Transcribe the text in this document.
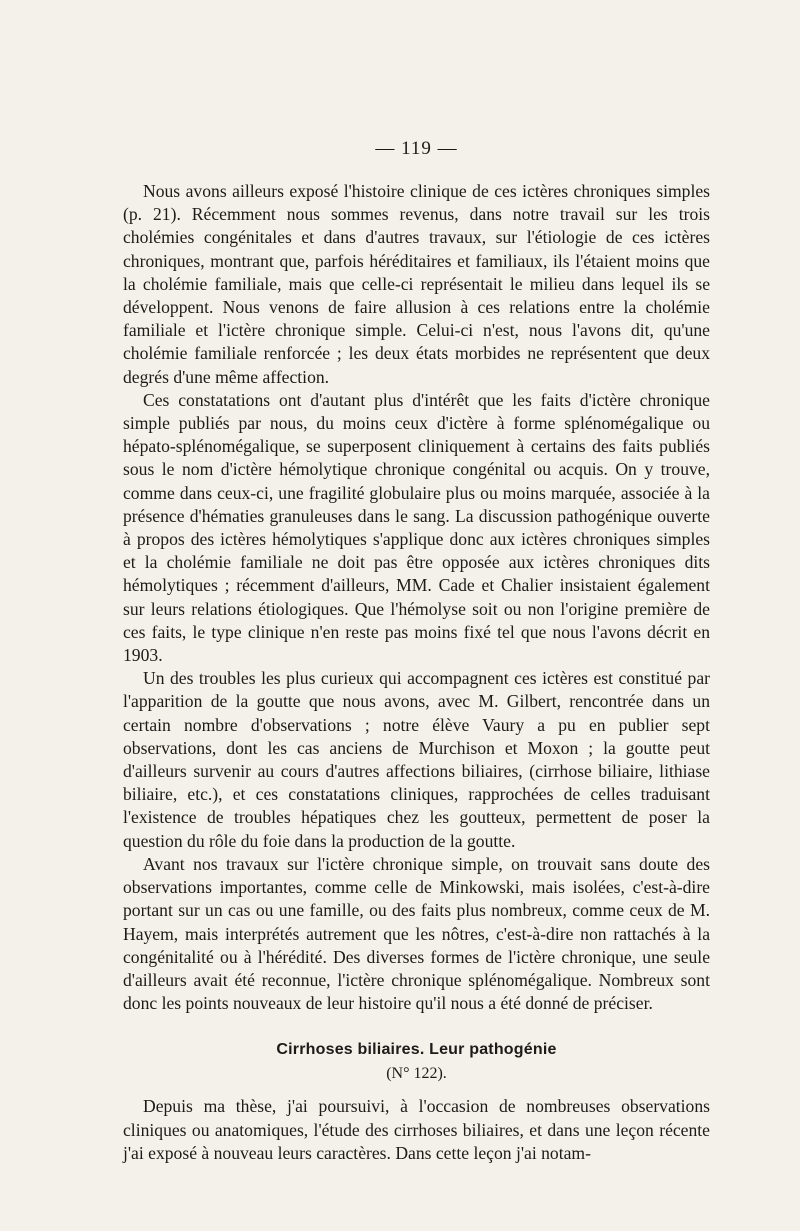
— 119 —

Nous avons ailleurs exposé l'histoire clinique de ces ictères chroniques simples (p. 21). Récemment nous sommes revenus, dans notre travail sur les trois cholémies congénitales et dans d'autres travaux, sur l'étiologie de ces ictères chroniques, montrant que, parfois héréditaires et familiaux, ils l'étaient moins que la cholémie familiale, mais que celle-ci représentait le milieu dans lequel ils se développent. Nous venons de faire allusion à ces relations entre la cholémie familiale et l'ictère chronique simple. Celui-ci n'est, nous l'avons dit, qu'une cholémie familiale renforcée ; les deux états morbides ne représentent que deux degrés d'une même affection.

Ces constatations ont d'autant plus d'intérêt que les faits d'ictère chronique simple publiés par nous, du moins ceux d'ictère à forme splénomégalique ou hépato-splénomégalique, se superposent cliniquement à certains des faits publiés sous le nom d'ictère hémolytique chronique congénital ou acquis. On y trouve, comme dans ceux-ci, une fragilité globulaire plus ou moins marquée, associée à la présence d'hématies granuleuses dans le sang. La discussion pathogénique ouverte à propos des ictères hémolytiques s'applique donc aux ictères chroniques simples et la cholémie familiale ne doit pas être opposée aux ictères chroniques dits hémolytiques ; récemment d'ailleurs, MM. Cade et Chalier insistaient également sur leurs relations étiologiques. Que l'hémolyse soit ou non l'origine première de ces faits, le type clinique n'en reste pas moins fixé tel que nous l'avons décrit en 1903.

Un des troubles les plus curieux qui accompagnent ces ictères est constitué par l'apparition de la goutte que nous avons, avec M. Gilbert, rencontrée dans un certain nombre d'observations ; notre élève Vaury a pu en publier sept observations, dont les cas anciens de Murchison et Moxon ; la goutte peut d'ailleurs survenir au cours d'autres affections biliaires, (cirrhose biliaire, lithiase biliaire, etc.), et ces constatations cliniques, rapprochées de celles traduisant l'existence de troubles hépatiques chez les goutteux, permettent de poser la question du rôle du foie dans la production de la goutte.

Avant nos travaux sur l'ictère chronique simple, on trouvait sans doute des observations importantes, comme celle de Minkowski, mais isolées, c'est-à-dire portant sur un cas ou une famille, ou des faits plus nombreux, comme ceux de M. Hayem, mais interprétés autrement que les nôtres, c'est-à-dire non rattachés à la congénitalité ou à l'hérédité. Des diverses formes de l'ictère chronique, une seule d'ailleurs avait été reconnue, l'ictère chronique splénomégalique. Nombreux sont donc les points nouveaux de leur histoire qu'il nous a été donné de préciser.

Cirrhoses biliaires. Leur pathogénie
(N° 122).

Depuis ma thèse, j'ai poursuivi, à l'occasion de nombreuses observations cliniques ou anatomiques, l'étude des cirrhoses biliaires, et dans une leçon récente j'ai exposé à nouveau leurs caractères. Dans cette leçon j'ai notam-
